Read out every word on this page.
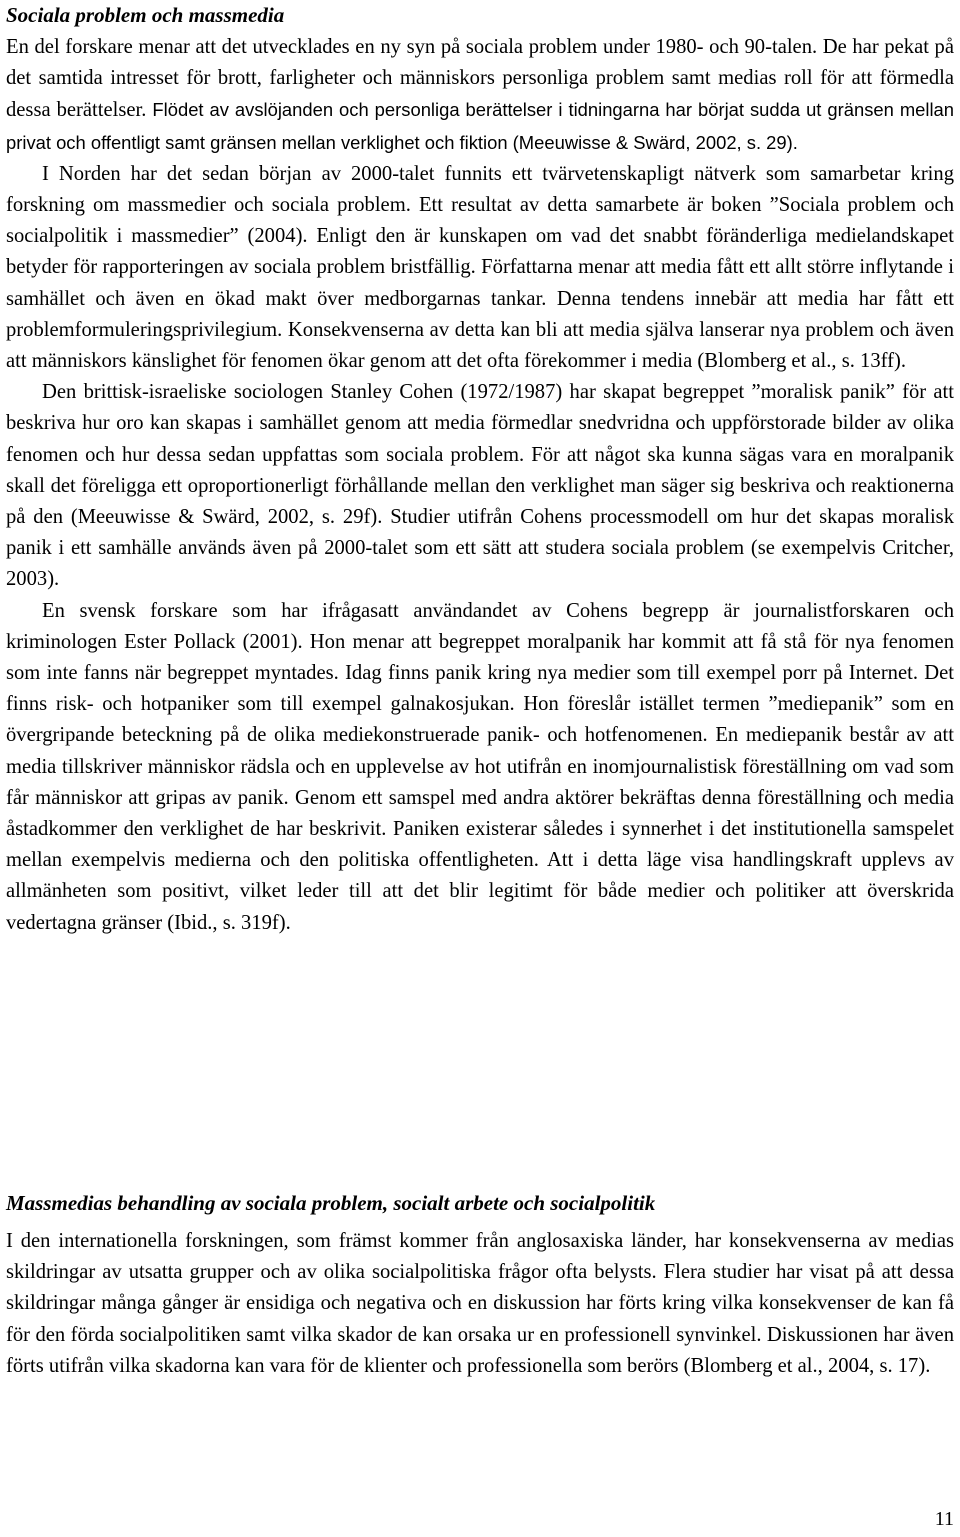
Sociala problem och massmedia

En del forskare menar att det utvecklades en ny syn på sociala problem under 1980- och 90-talen. De har pekat på det samtida intresset för brott, farligheter och människors personliga problem samt medias roll för att förmedla dessa berättelser. Flödet av avslöjanden och personliga berättelser i tidningarna har börjat sudda ut gränsen mellan privat och offentligt samt gränsen mellan verklighet och fiktion (Meeuwisse & Swärd, 2002, s. 29).

I Norden har det sedan början av 2000-talet funnits ett tvärvetenskapligt nätverk som samarbetar kring forskning om massmedier och sociala problem. Ett resultat av detta samarbete är boken ”Sociala problem och socialpolitik i massmedier” (2004). Enligt den är kunskapen om vad det snabbt föränderliga medielandskapet betyder för rapporteringen av sociala problem bristfällig. Författarna menar att media fått ett allt större inflytande i samhället och även en ökad makt över medborgarnas tankar. Denna tendens innebär att media har fått ett problemformuleringsprivilegium. Konsekvenserna av detta kan bli att media själva lanserar nya problem och även att människors känslighet för fenomen ökar genom att det ofta förekommer i media (Blomberg et al., s. 13ff).

Den brittisk-israeliske sociologen Stanley Cohen (1972/1987) har skapat begreppet ”moralisk panik” för att beskriva hur oro kan skapas i samhället genom att media förmedlar snedvridna och uppförstorade bilder av olika fenomen och hur dessa sedan uppfattas som sociala problem. För att något ska kunna sägas vara en moralpanik skall det föreligga ett oproportionerligt förhållande mellan den verklighet man säger sig beskriva och reaktionerna på den (Meeuwisse & Swärd, 2002, s. 29f). Studier utifrån Cohens processmodell om hur det skapas moralisk panik i ett samhälle används även på 2000-talet som ett sätt att studera sociala problem (se exempelvis Critcher, 2003).

En svensk forskare som har ifrågasatt användandet av Cohens begrepp är journalistforskaren och kriminologen Ester Pollack (2001). Hon menar att begreppet moralpanik har kommit att få stå för nya fenomen som inte fanns när begreppet myntades. Idag finns panik kring nya medier som till exempel porr på Internet. Det finns risk- och hotpaniker som till exempel galnakosjukan. Hon föreslår istället termen ”mediepanik” som en övergripande beteckning på de olika mediekonstruerade panik- och hotfenomenen. En mediepanik består av att media tillskriver människor rädsla och en upplevelse av hot utifrån en inomjournalistisk föreställning om vad som får människor att gripas av panik. Genom ett samspel med andra aktörer bekräftas denna föreställning och media åstadkommer den verklighet de har beskrivit. Paniken existerar således i synnerhet i det institutionella samspelet mellan exempelvis medierna och den politiska offentligheten. Att i detta läge visa handlingskraft upplevs av allmänheten som positivt, vilket leder till att det blir legitimt för både medier och politiker att överskrida vedertagna gränser (Ibid., s. 319f).

Massmedias behandling av sociala problem, socialt arbete och socialpolitik

I den internationella forskningen, som främst kommer från anglosaxiska länder, har konsekvenserna av medias skildringar av utsatta grupper och av olika socialpolitiska frågor ofta belysts. Flera studier har visat på att dessa skildringar många gånger är ensidiga och negativa och en diskussion har förts kring vilka konsekvenser de kan få för den förda socialpolitiken samt vilka skador de kan orsaka ur en professionell synvinkel. Diskussionen har även förts utifrån vilka skadorna kan vara för de klienter och professionella som berörs (Blomberg et al., 2004, s. 17).

11
